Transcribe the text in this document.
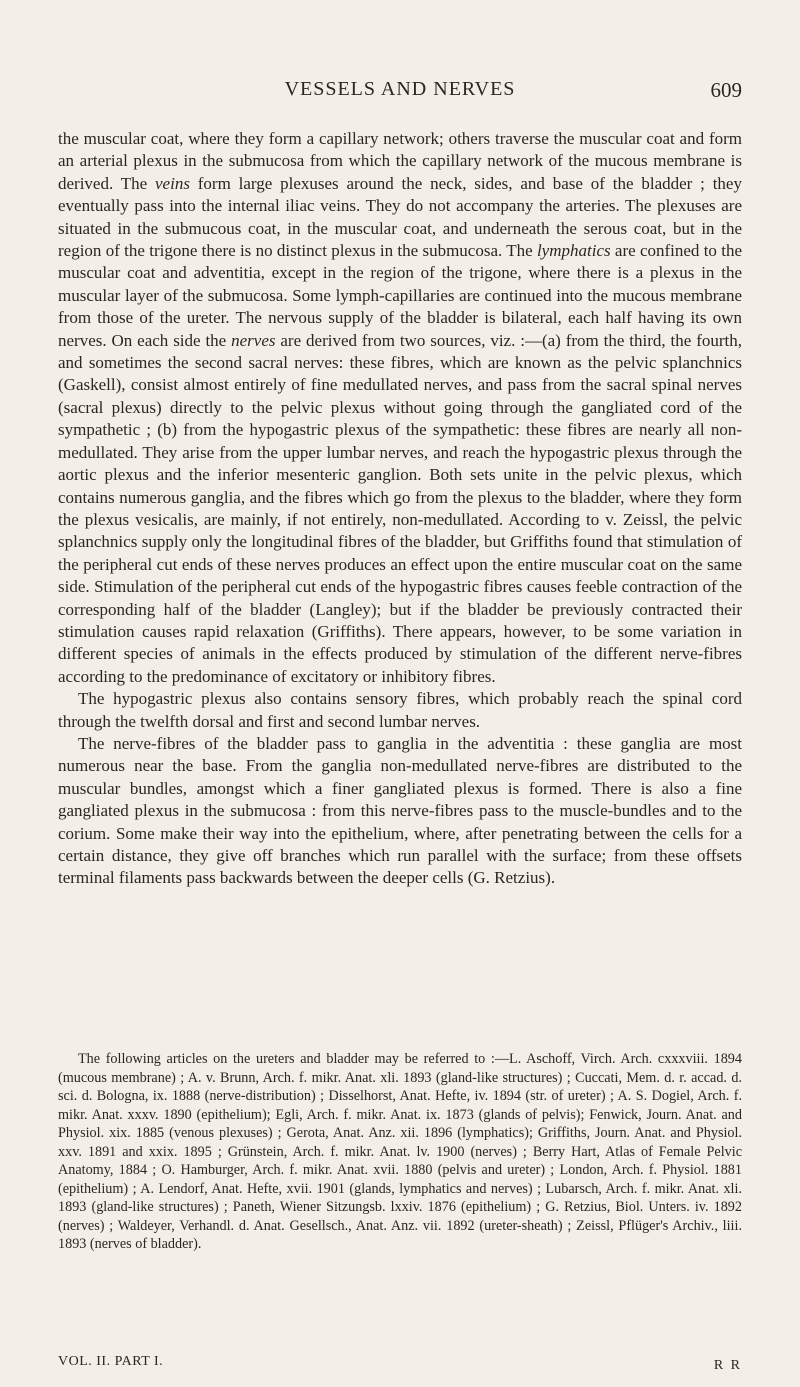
VESSELS AND NERVES	609

the muscular coat, where they form a capillary network; others traverse the muscular coat and form an arterial plexus in the submucosa from which the capillary network of the mucous membrane is derived. The veins form large plexuses around the neck, sides, and base of the bladder ; they eventually pass into the internal iliac veins. They do not accompany the arteries. The plexuses are situated in the submucous coat, in the muscular coat, and underneath the serous coat, but in the region of the trigone there is no distinct plexus in the submucosa. The lymphatics are confined to the muscular coat and adventitia, except in the region of the trigone, where there is a plexus in the muscular layer of the submucosa. Some lymph-capillaries are continued into the mucous membrane from those of the ureter. The nervous supply of the bladder is bilateral, each half having its own nerves. On each side the nerves are derived from two sources, viz. :—(a) from the third, the fourth, and sometimes the second sacral nerves: these fibres, which are known as the pelvic splanchnics (Gaskell), consist almost entirely of fine medullated nerves, and pass from the sacral spinal nerves (sacral plexus) directly to the pelvic plexus without going through the gangliated cord of the sympathetic ; (b) from the hypogastric plexus of the sympathetic: these fibres are nearly all non-medullated. They arise from the upper lumbar nerves, and reach the hypogastric plexus through the aortic plexus and the inferior mesenteric ganglion. Both sets unite in the pelvic plexus, which contains numerous ganglia, and the fibres which go from the plexus to the bladder, where they form the plexus vesicalis, are mainly, if not entirely, non-medullated. According to v. Zeissl, the pelvic splanchnics supply only the longitudinal fibres of the bladder, but Griffiths found that stimulation of the peripheral cut ends of these nerves produces an effect upon the entire muscular coat on the same side. Stimulation of the peripheral cut ends of the hypogastric fibres causes feeble contraction of the corresponding half of the bladder (Langley); but if the bladder be previously contracted their stimulation causes rapid relaxation (Griffiths). There appears, however, to be some variation in different species of animals in the effects produced by stimulation of the different nerve-fibres according to the predominance of excitatory or inhibitory fibres.

The hypogastric plexus also contains sensory fibres, which probably reach the spinal cord through the twelfth dorsal and first and second lumbar nerves.

The nerve-fibres of the bladder pass to ganglia in the adventitia : these ganglia are most numerous near the base. From the ganglia non-medullated nerve-fibres are distributed to the muscular bundles, amongst which a finer gangliated plexus is formed. There is also a fine gangliated plexus in the submucosa : from this nerve-fibres pass to the muscle-bundles and to the corium. Some make their way into the epithelium, where, after penetrating between the cells for a certain distance, they give off branches which run parallel with the surface; from these offsets terminal filaments pass backwards between the deeper cells (G. Retzius).

The following articles on the ureters and bladder may be referred to :—L. Aschoff, Virch. Arch. cxxxviii. 1894 (mucous membrane) ; A. v. Brunn, Arch. f. mikr. Anat. xli. 1893 (gland-like structures) ; Cuccati, Mem. d. r. accad. d. sci. d. Bologna, ix. 1888 (nerve-distribution) ; Disselhorst, Anat. Hefte, iv. 1894 (str. of ureter) ; A. S. Dogiel, Arch. f. mikr. Anat. xxxv. 1890 (epithelium); Egli, Arch. f. mikr. Anat. ix. 1873 (glands of pelvis); Fenwick, Journ. Anat. and Physiol. xix. 1885 (venous plexuses) ; Gerota, Anat. Anz. xii. 1896 (lymphatics); Griffiths, Journ. Anat. and Physiol. xxv. 1891 and xxix. 1895 ; Grünstein, Arch. f. mikr. Anat. lv. 1900 (nerves) ; Berry Hart, Atlas of Female Pelvic Anatomy, 1884 ; O. Hamburger, Arch. f. mikr. Anat. xvii. 1880 (pelvis and ureter) ; London, Arch. f. Physiol. 1881 (epithelium) ; A. Lendorf, Anat. Hefte, xvii. 1901 (glands, lymphatics and nerves) ; Lubarsch, Arch. f. mikr. Anat. xli. 1893 (gland-like structures) ; Paneth, Wiener Sitzungsb. lxxiv. 1876 (epithelium) ; G. Retzius, Biol. Unters. iv. 1892 (nerves) ; Waldeyer, Verhandl. d. Anat. Gesellsch., Anat. Anz. vii. 1892 (ureter-sheath) ; Zeissl, Pflüger's Archiv., liii. 1893 (nerves of bladder).
VOL. II. PART I.	R R
